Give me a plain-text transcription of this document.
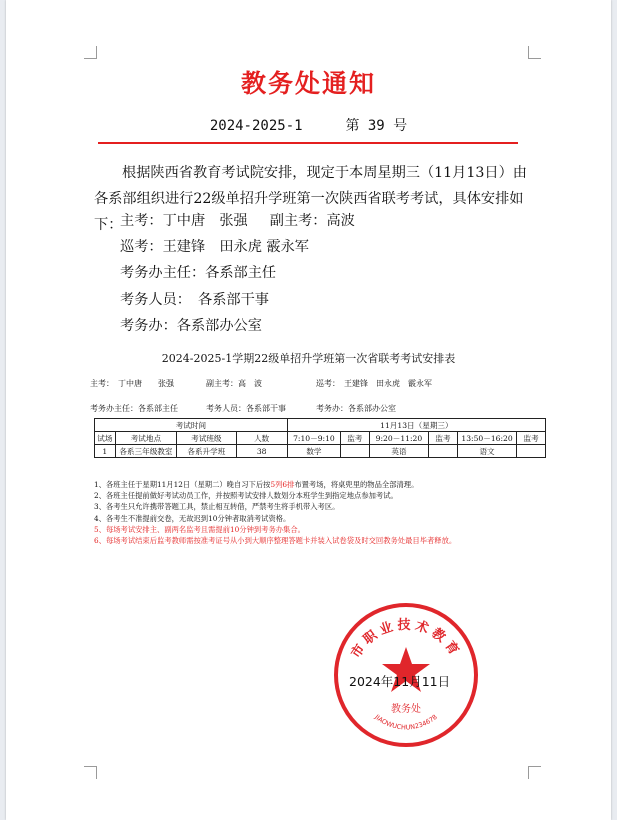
教务处通知
2024-2025-1	第 39 号
根据陕西省教育考试院安排，现定于本周星期三（11月13日）由各系部组织进行22级单招升学班第一次陕西省联考考试，具体安排如下：
主考：丁中唐　张强 副主考：高波
巡考：王建锋　田永虎 霰永军
考务办主任：各系部主任
考务人员：　各系部干事
考务办：各系部办公室
2024-2025-1学期22级单招升学班第一次省联考考试安排表
主考：　丁中唐　　张强	副主考：高　波	巡考：　王建锋　田永虎　霰永军
考务办主任：各系部主任	考务人员：各系部干事	考务办：各系部办公室
考试时间				11月13日（星期三）					
试场	考试地点	考试班级	人数	7:10－9:10	监考	9:20－11:20	监考	13:50－16:20	监考
1	各系三年级教室	各系升学班	38	数学		英语		语文	
1、各班主任于星期11月12日（星期二）晚自习下后按5列6排布置考场，将桌兜里的物品全部清理。
2、各班主任提前做好考试动员工作，并按照考试安排人数划分本班学生到指定地点参加考试。
3、各考生只允许携带答题工具，禁止相互转借，严禁考生将手机带入考区。
4、各考生不准提前交卷，无故迟到10分钟者取消考试资格。
5、每场考试安排主、副两名监考且需提前10分钟到考务办集合。
6、每场考试结束后监考教师需按准考证号从小到大顺序整理答题卡并装入试卷袋及时交回教务处最目毕者释放。
市职业技术教育
教务处
JIAOWUCHUN234678
2024年11月11日
